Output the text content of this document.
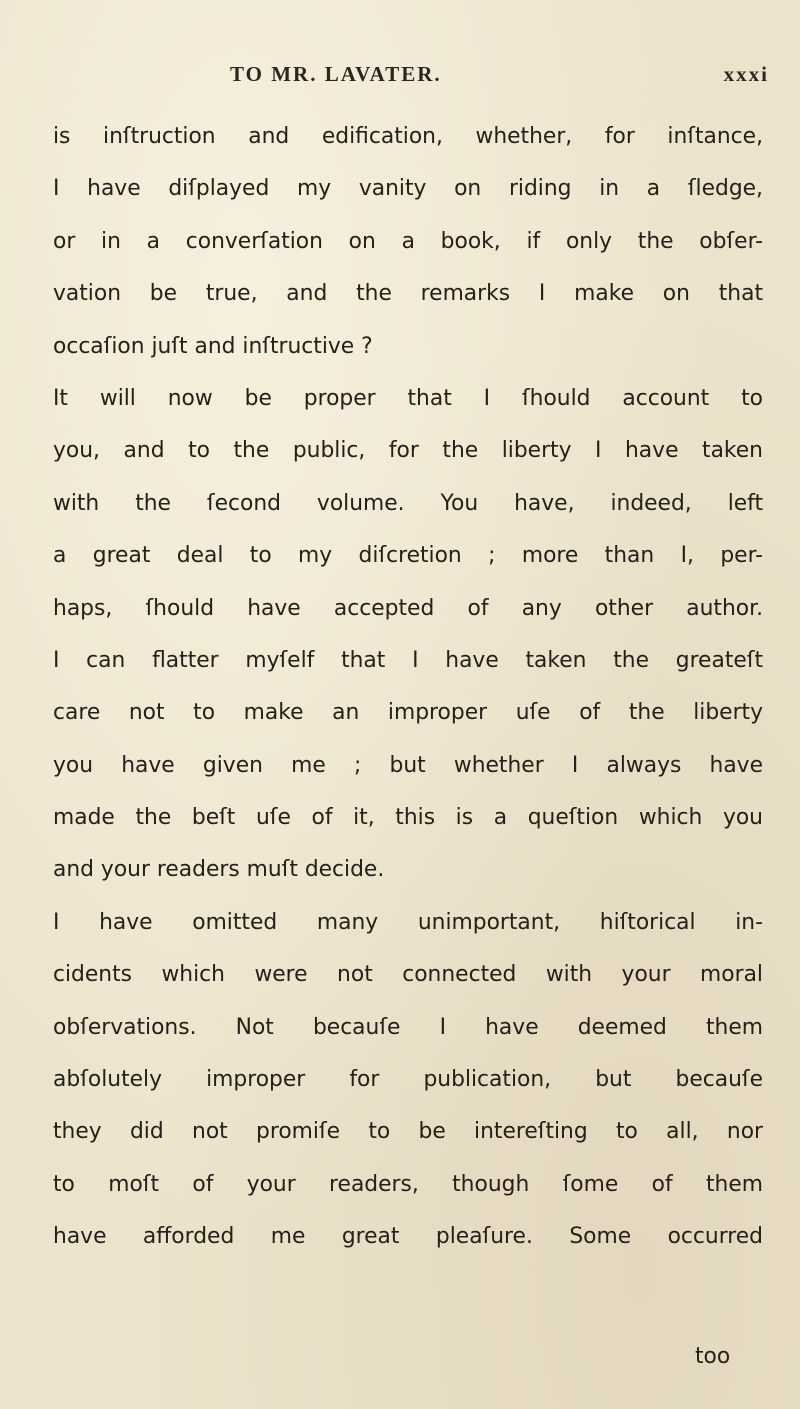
TO MR. LAVATER.	xxxi
is inſtruction and edification, whether, for inſtance,
I have diſplayed my vanity on riding in a ſledge,
or in a converſation on a book, if only the obſer-
vation be true, and the remarks I make on that
occaſion juſt and inſtructive ?
It will now be proper that I ſhould account to
you, and to the public, for the liberty I have taken
with the ſecond volume. You have, indeed, left
a great deal to my diſcretion ; more than I, per-
haps, ſhould have accepted of any other author.
I can flatter myſelf that I have taken the greateſt
care not to make an improper uſe of the liberty
you have given me ; but whether I always have
made the beſt uſe of it, this is a queſtion which you
and your readers muſt decide.
I have omitted many unimportant, hiſtorical in-
cidents which were not connected with your moral
obſervations. Not becauſe I have deemed them
abſolutely improper for publication, but becauſe
they did not promiſe to be intereſting to all, nor
to moſt of your readers, though ſome of them
have afforded me great pleaſure. Some occurred
too
